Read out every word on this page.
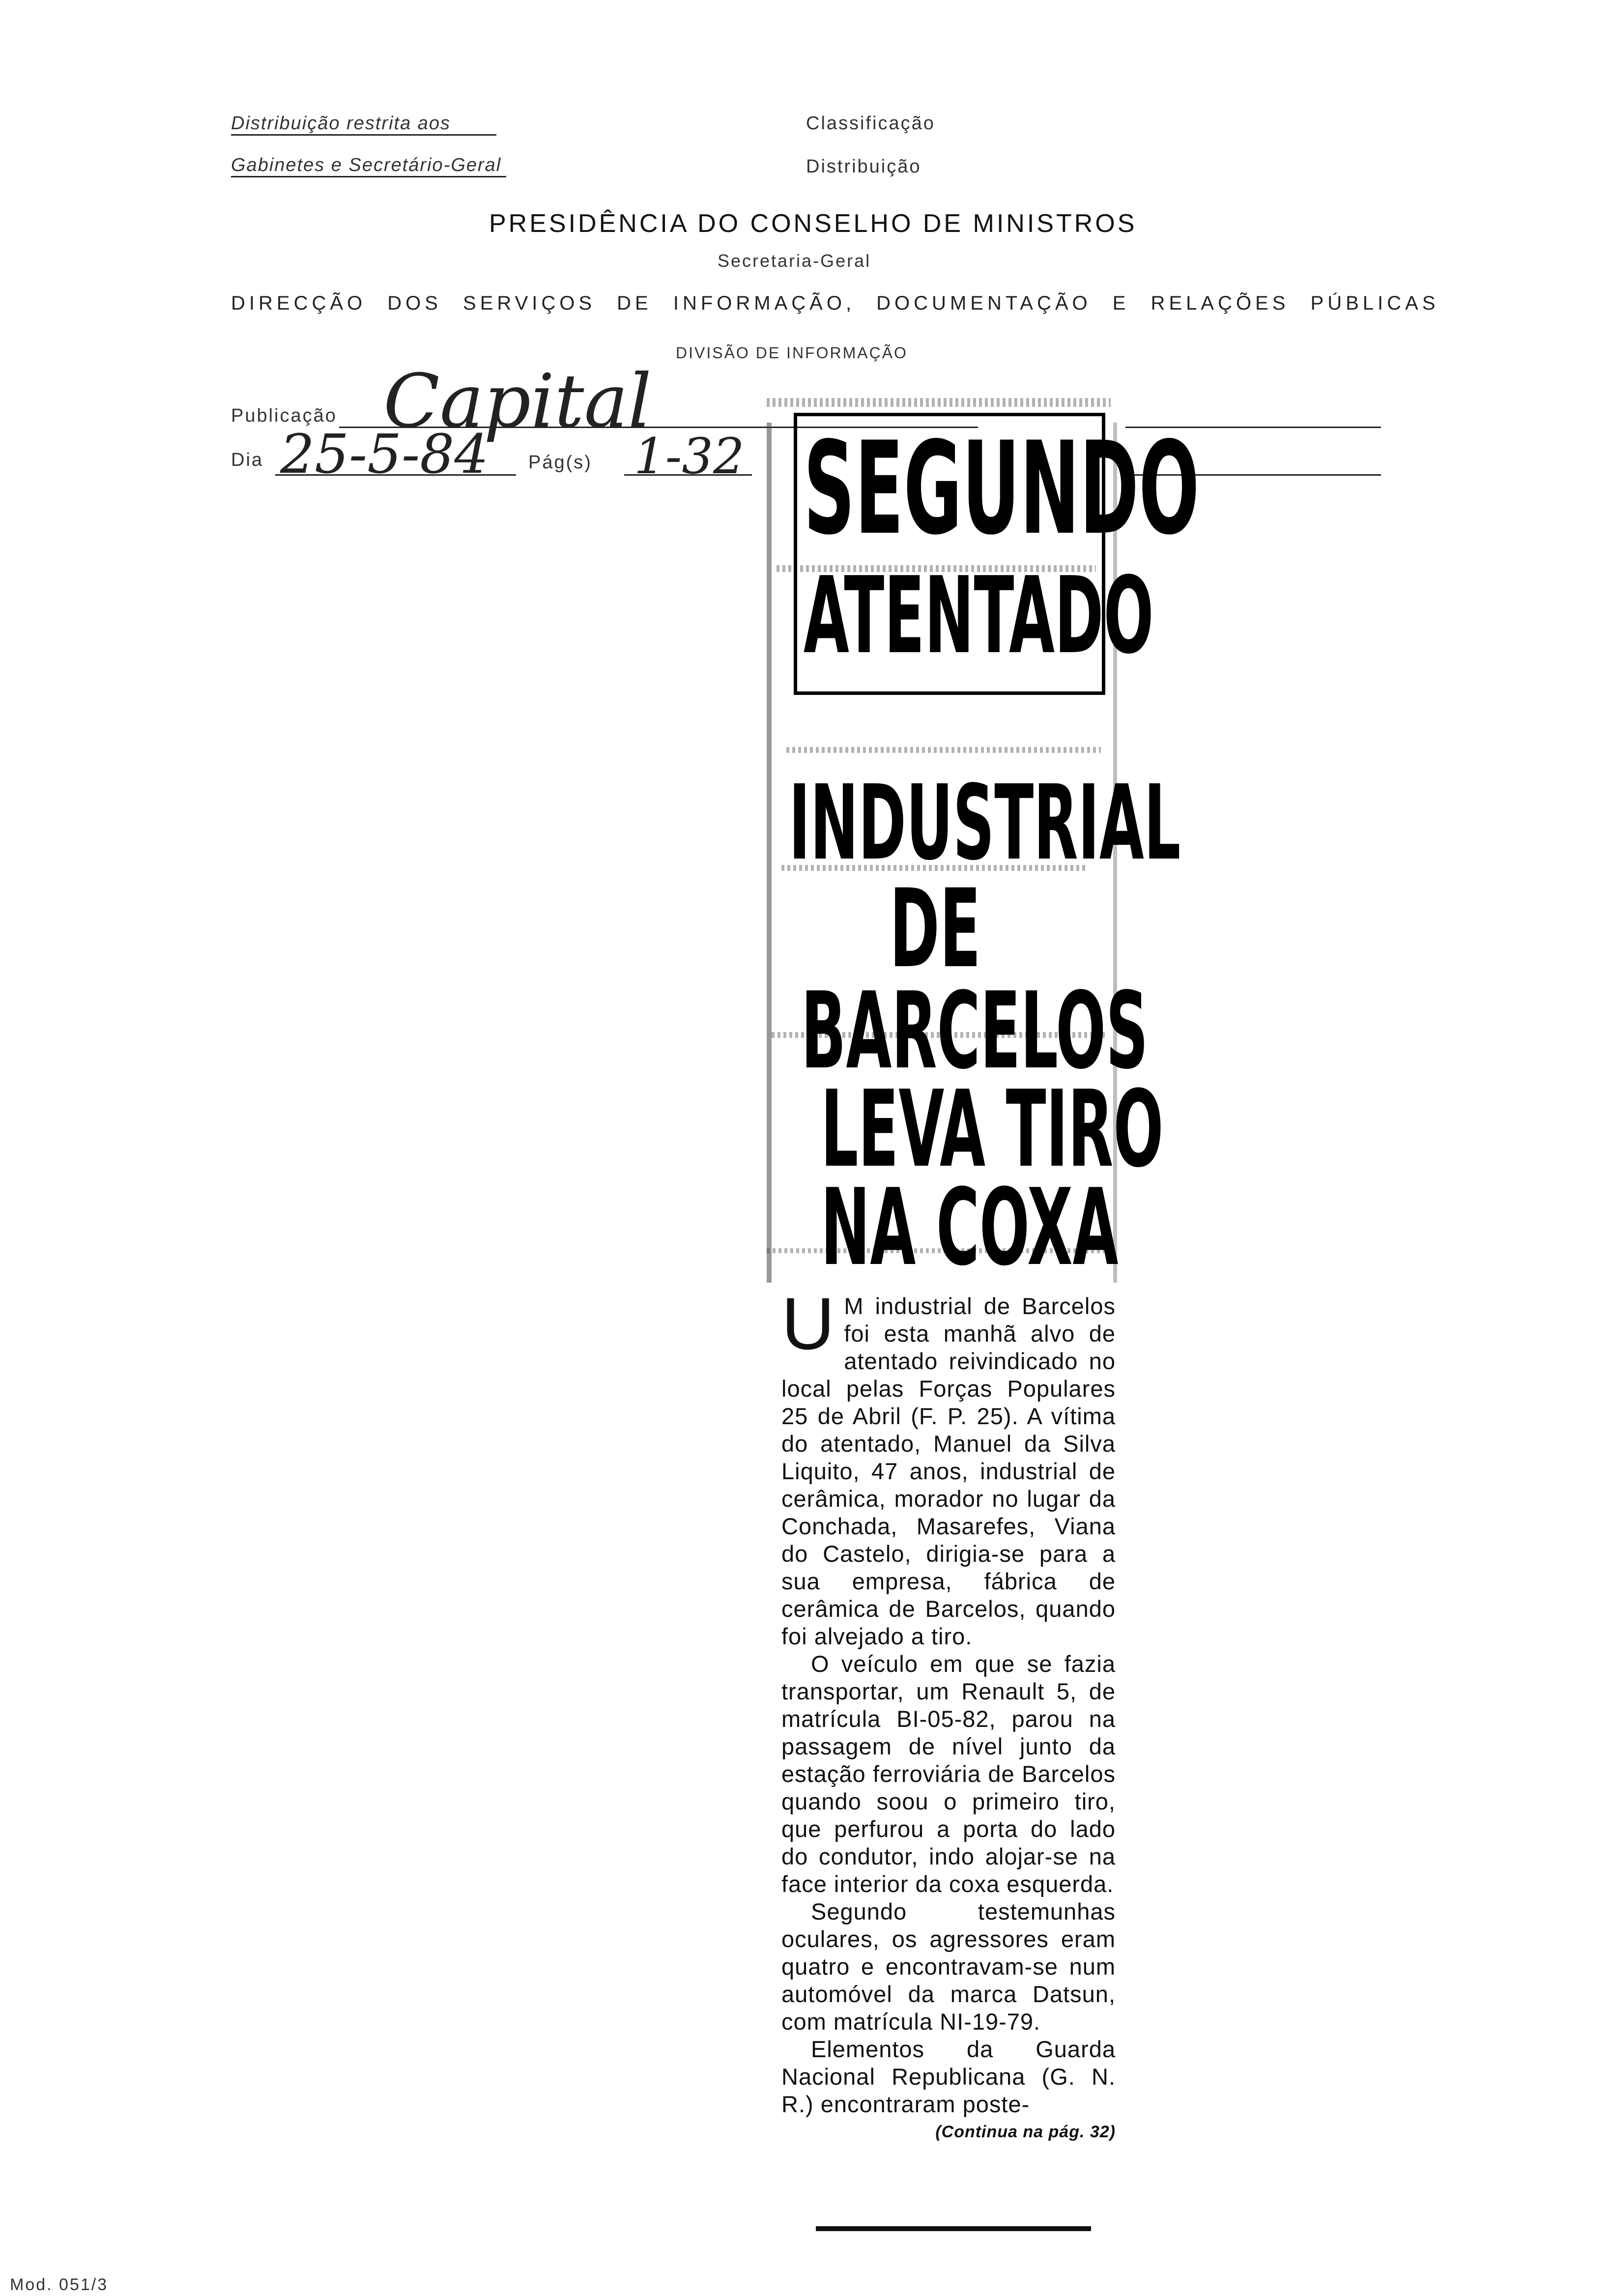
Distribuição restrita aos
Gabinetes e Secretário-Geral
Classificação
Distribuição
PRESIDÊNCIA DO CONSELHO DE MINISTROS
Secretaria-Geral
DIRECÇÃO DOS SERVIÇOS DE INFORMAÇÃO, DOCUMENTAÇÃO E RELAÇÕES PÚBLICAS
DIVISÃO DE INFORMAÇÃO
Publicação Capital
Dia 25-5-84 Pág(s) 1-32 SEGUNDO
ATENTADO
INDUSTRIAL
DE
BARCELOS
LEVA TIRO
NA COXA

U M industrial de Barcelos foi esta manhã alvo de atentado reivindicado no local pelas Forças Populares 25 de Abril (F. P. 25). A vítima do atentado, Manuel da Silva Liquito, 47 anos, industrial de cerâmica, morador no lugar da Conchada, Masarefes, Viana do Castelo, dirigia-se para a sua empresa, fábrica de cerâmica de Barcelos, quando foi alvejado a tiro.

O veículo em que se fazia transportar, um Renault 5, de matrícula BI-05-82, parou na passagem de nível junto da estação ferroviária de Barcelos quando soou o primeiro tiro, que perfurou a porta do lado do condutor, indo alojar-se na face interior da coxa esquerda.

Segundo testemunhas oculares, os agressores eram quatro e encontravam-se num automóvel da marca Datsun, com matrícula NI-19-79.

Elementos da Guarda Nacional Republicana (G. N. R.) encontraram poste-

(Continua na pág. 32)
Mod. 051/3
